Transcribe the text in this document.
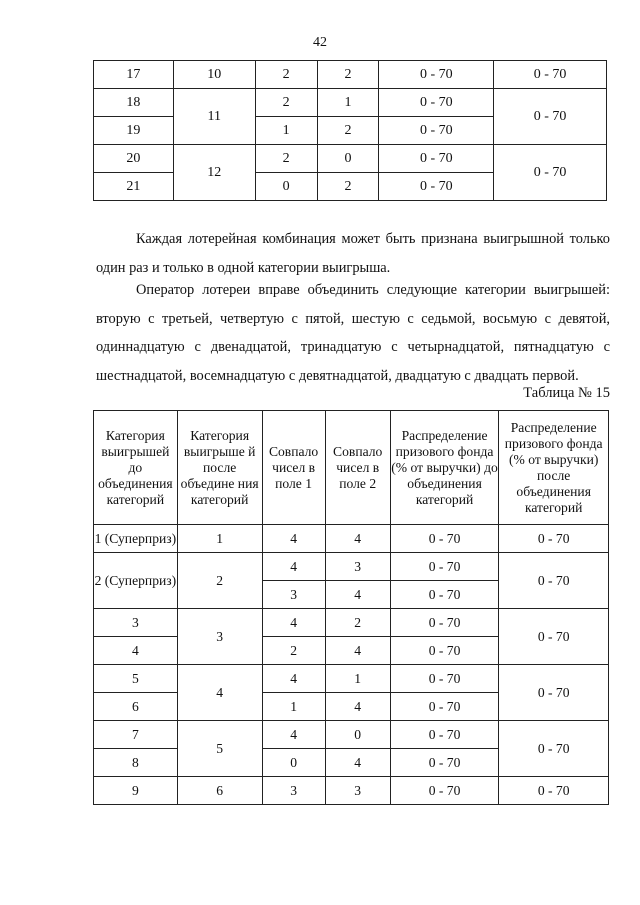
42
17	10	2	2	0 - 70	0 - 70
18	11	2	1	0 - 70	0 - 70
19		1	2	0 - 70	
20	12	2	0	0 - 70	0 - 70
21		0	2	0 - 70	
Каждая лотерейная комбинация может быть признана выигрышной только один раз и только в одной категории выигрыша.
Оператор лотереи вправе объединить следующие категории выигрышей: вторую с третьей, четвертую с пятой, шестую с седьмой, восьмую с девятой, одиннадцатую с двенадцатой, тринадцатую с четырнадцатой, пятнадцатую с шестнадцатой, восемнадцатую с девятнадцатой, двадцатую с двадцать первой.
Таблица № 15
Категория выигрышей до объединения категорий	Категория выигрыше й после объедине ния категорий	Совпало чисел в поле 1	Совпало чисел в поле 2	Распределение призового фонда (% от выручки) до объединения категорий	Распределение призового фонда (% от выручки) после объединения категорий
1 (Суперприз)	1	4	4	0 - 70	0 - 70
2 (Суперприз)	2	4	3	0 - 70	0 - 70
		3	4	0 - 70	
3	3	4	2	0 - 70	0 - 70
4		2	4	0 - 70	
5	4	4	1	0 - 70	0 - 70
6		1	4	0 - 70	
7	5	4	0	0 - 70	0 - 70
8		0	4	0 - 70	
9	6	3	3	0 - 70	0 - 70
